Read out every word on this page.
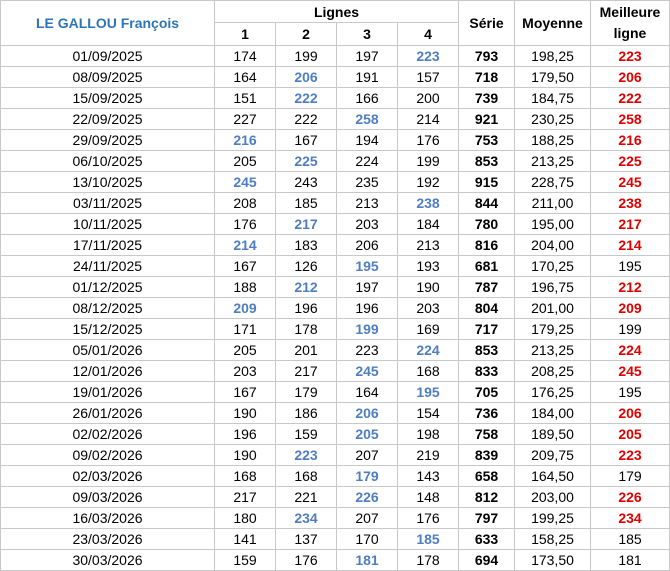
LE GALLOU François	Lignes				Série	Moyenne	Meilleure
ligne
	1	2	3	4			
01/09/2025	174	199	197	223	793	198,25	223
08/09/2025	164	206	191	157	718	179,50	206
15/09/2025	151	222	166	200	739	184,75	222
22/09/2025	227	222	258	214	921	230,25	258
29/09/2025	216	167	194	176	753	188,25	216
06/10/2025	205	225	224	199	853	213,25	225
13/10/2025	245	243	235	192	915	228,75	245
03/11/2025	208	185	213	238	844	211,00	238
10/11/2025	176	217	203	184	780	195,00	217
17/11/2025	214	183	206	213	816	204,00	214
24/11/2025	167	126	195	193	681	170,25	195
01/12/2025	188	212	197	190	787	196,75	212
08/12/2025	209	196	196	203	804	201,00	209
15/12/2025	171	178	199	169	717	179,25	199
05/01/2026	205	201	223	224	853	213,25	224
12/01/2026	203	217	245	168	833	208,25	245
19/01/2026	167	179	164	195	705	176,25	195
26/01/2026	190	186	206	154	736	184,00	206
02/02/2026	196	159	205	198	758	189,50	205
09/02/2026	190	223	207	219	839	209,75	223
02/03/2026	168	168	179	143	658	164,50	179
09/03/2026	217	221	226	148	812	203,00	226
16/03/2026	180	234	207	176	797	199,25	234
23/03/2026	141	137	170	185	633	158,25	185
30/03/2026	159	176	181	178	694	173,50	181
